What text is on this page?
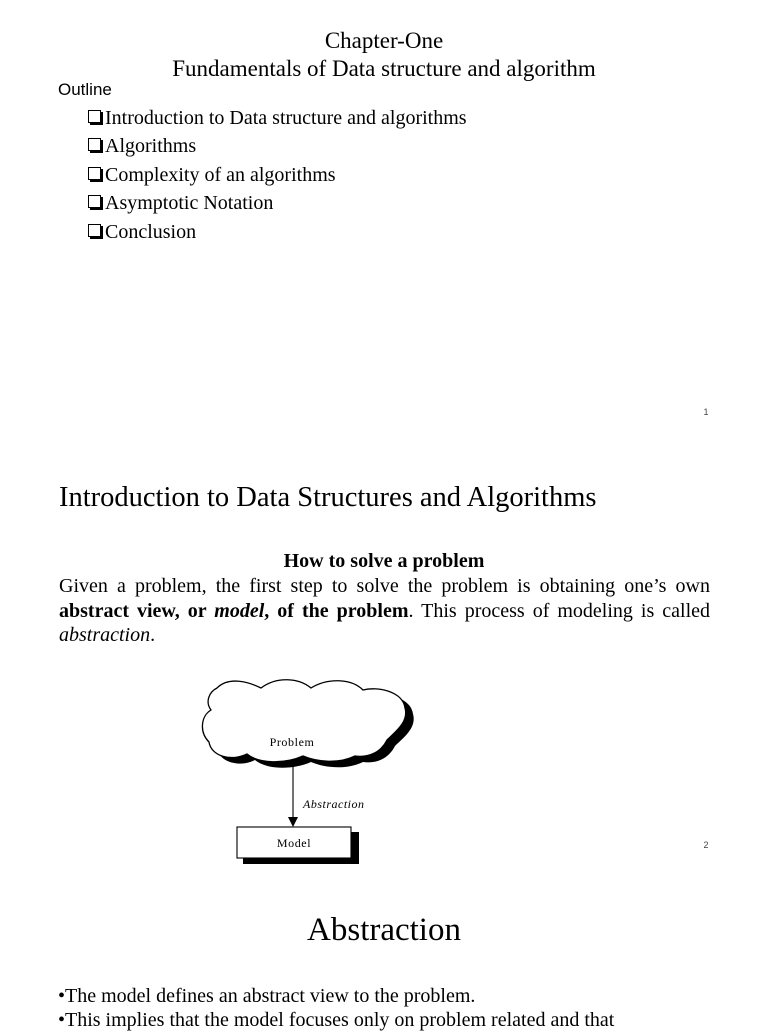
Chapter-One
Fundamentals of Data structure and algorithm
Outline
Introduction to Data structure and algorithms
Algorithms
Complexity of an algorithms
Asymptotic Notation
Conclusion
1
Introduction to Data Structures and Algorithms
How to solve a problem

Given a problem, the first step to solve the problem is obtaining one’s own abstract view, or model, of the problem. This process of modeling is called abstraction.

Problem
Abstraction
Model	2
Abstraction
•The model defines an abstract view to the problem.
•This implies that the model focuses only on problem related and that
